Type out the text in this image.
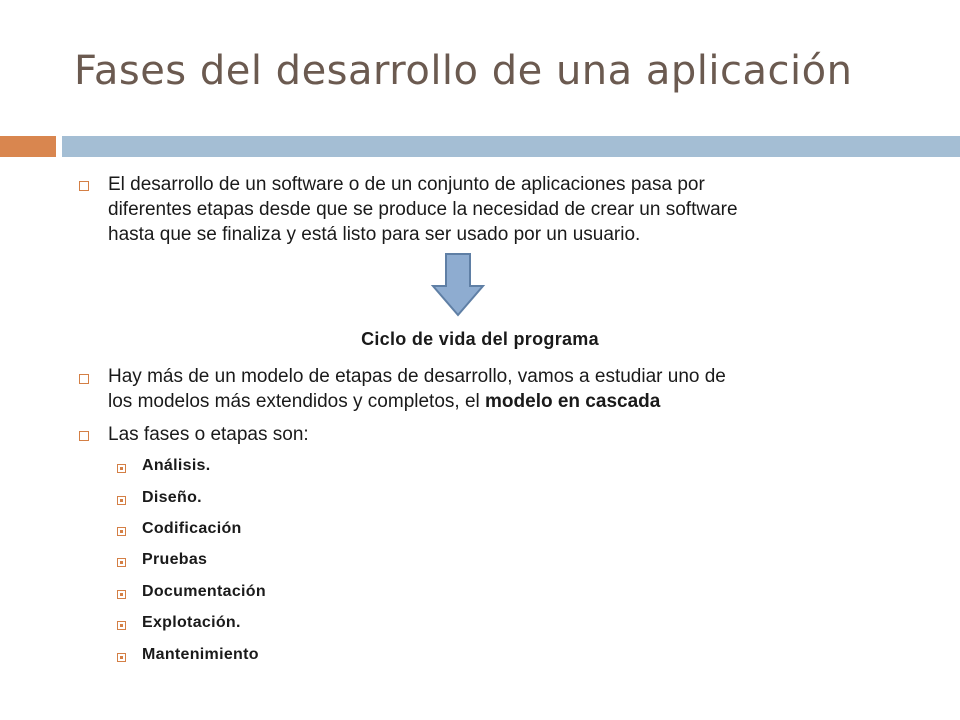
Fases del desarrollo de una aplicación
El desarrollo de un software o de un conjunto de aplicaciones pasa por
diferentes etapas desde que se produce la necesidad de crear un software
hasta que se finaliza y está listo para ser usado por un usuario.
Ciclo de vida del programa
Hay más de un modelo de etapas de desarrollo, vamos a estudiar uno de
los modelos más extendidos y completos, el modelo en cascada
Las fases o etapas son:
Análisis.
Diseño.
Codificación
Pruebas
Documentación
Explotación.
Mantenimiento
